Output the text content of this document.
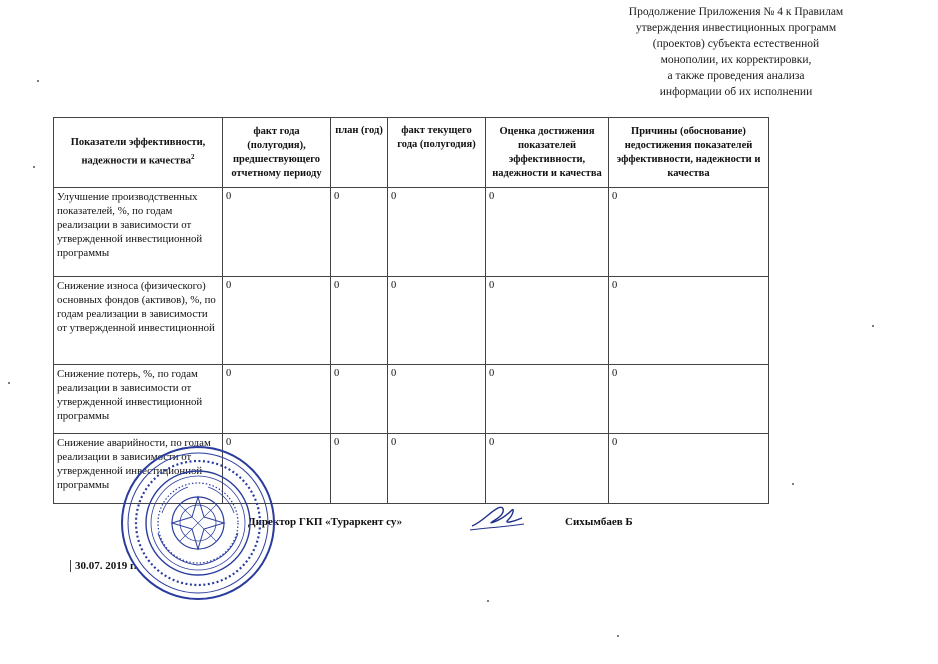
Продолжение Приложения № 4 к Правилам
утверждения инвестиционных программ
(проектов) субъекта естественной
монополии, их корректировки,
а также проведения анализа
информации об их исполнении
Показатели эффективности, надежности и качества$^2$	факт года (полугодия), предшествующего отчетному периоду	план (год)	факт текущего года (полугодия)	Оценка достижения показателей эффективности, надежности и качества	Причины (обоснование) недостижения показателей эффективности, надежности и качества
Улучшение производственных показателей, %, по годам реализации в зависимости от утвержденной инвестиционной программы	0	0	0	0	0
Снижение износа (физического) основных фондов (активов), %, по годам реализации в зависимости от утвержденной инвестиционной	0	0	0	0	0
Снижение потерь, %, по годам реализации в зависимости от утвержденной инвестиционной программы	0	0	0	0	0
Снижение аварийности, по годам реализации в зависимости от утвержденной инвестиционной программы	0	0	0	0	0
Директор ГКП «Тураркент су»	Сихымбаев Б
30.07. 2019 г.
